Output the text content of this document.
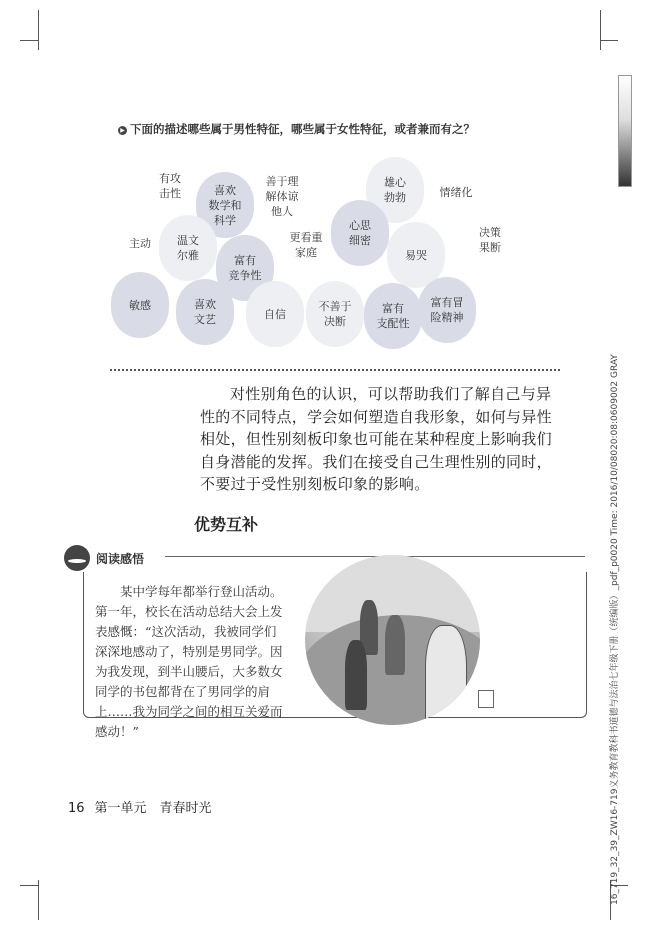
▶ 下面的描述哪些属于男性特征，哪些属于女性特征，或者兼而有之？
有攻
击性	喜欢
数学和
科学
善于理
解体谅
他人
雄心
勃勃	情绪化
主动 温文
尔雅	富有
竞争性
更看重
家庭
心思
细密
易哭
决策
果断
敏感	喜欢
文艺	自信
不善于
决断
富有
支配性
富有冒
险精神
对性别角色的认识，可以帮助我们了解自己与异性的不同特点，学会如何塑造自我形象，如何与异性相处，但性别刻板印象也可能在某种程度上影响我们自身潜能的发挥。我们在接受自己生理性别的同时，不要过于受性别刻板印象的影响。
优势互补
阅读感悟
某中学每年都举行登山活动。第一年，校长在活动总结大会上发表感慨：“这次活动，我被同学们深深地感动了，特别是男同学。因为我发现，到半山腰后，大多数女同学的书包都背在了男同学的肩上……我为同学之间的相互关爱而感动！”
16 第一单元　青春时光	16_719_32_39_ZW16-719义务教育教科书道德与法治七年级下册（统编版）_pdf_p0020 Time: 2016/10/08020:08:0609002 GRAY
